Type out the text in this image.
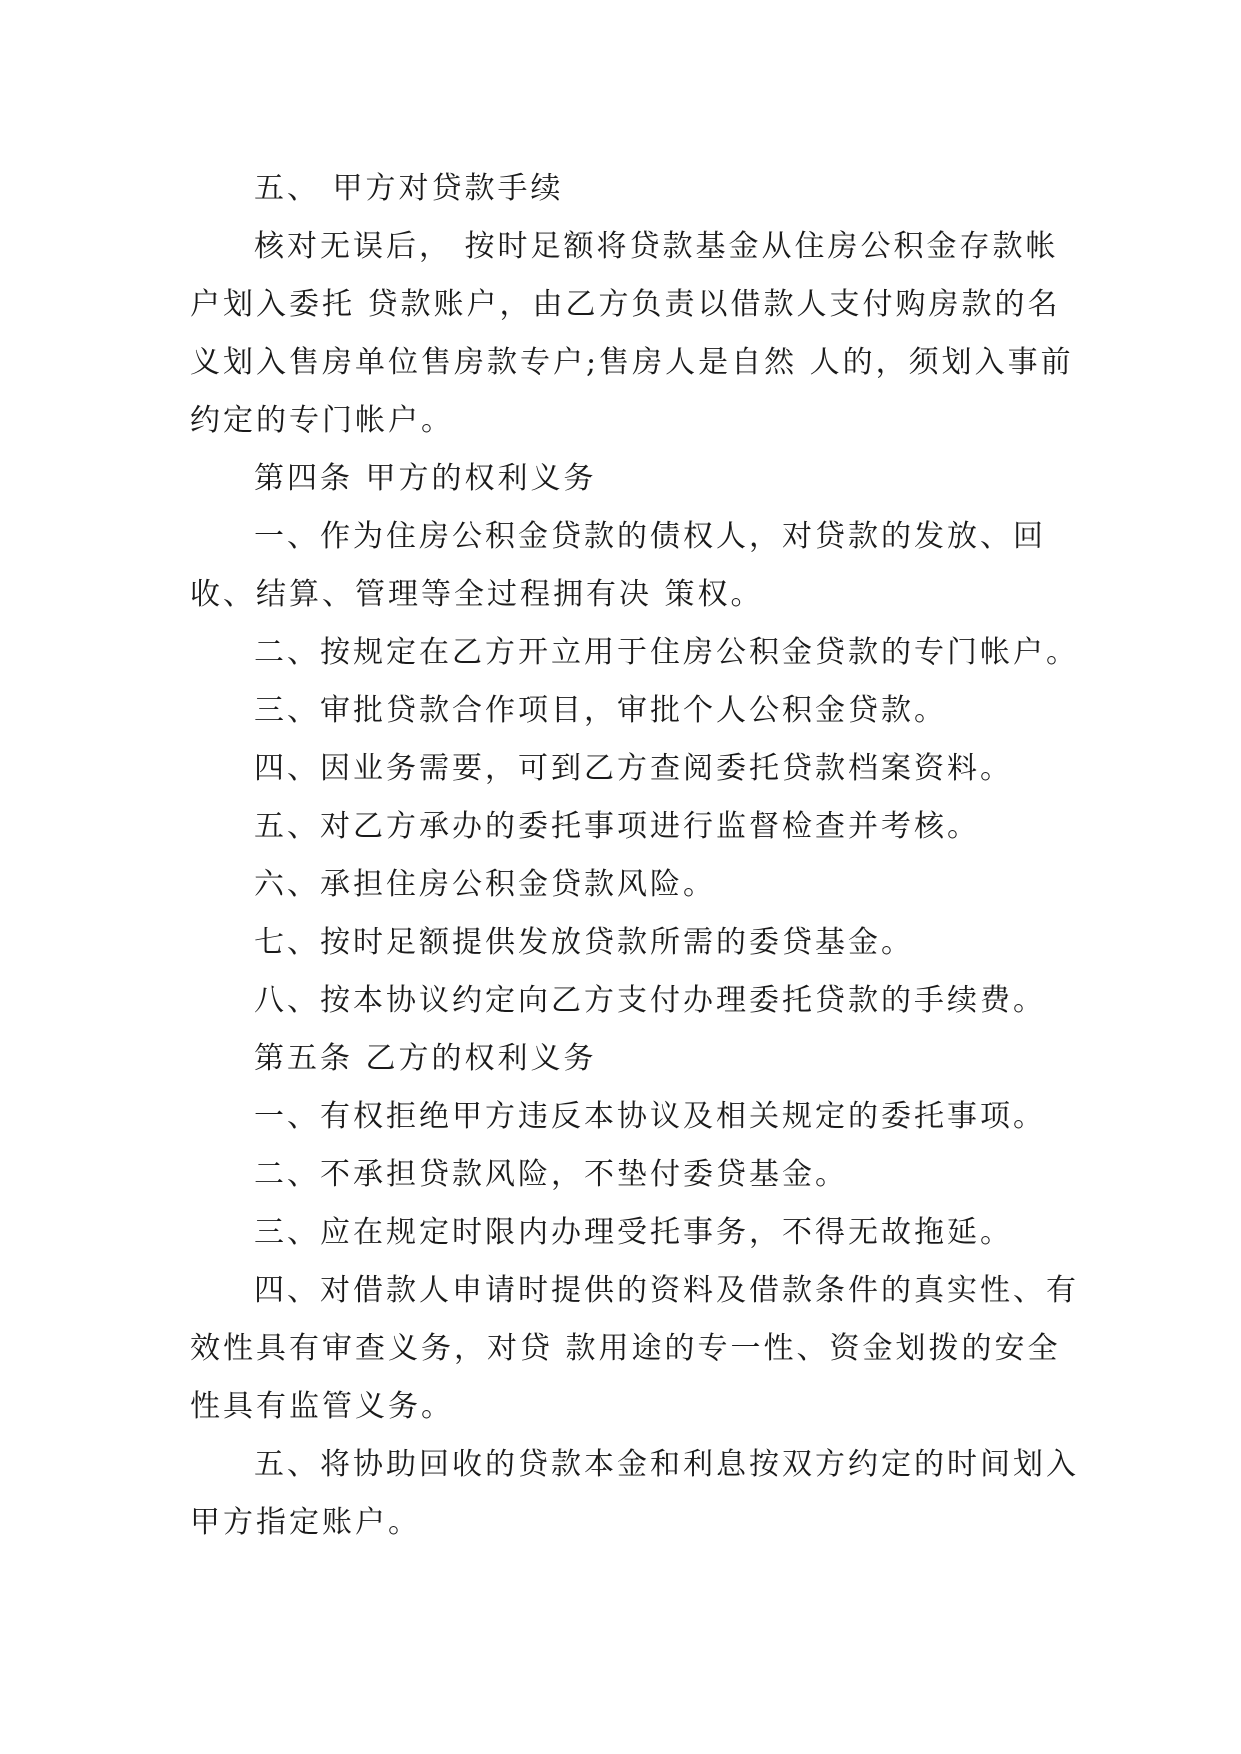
五、 甲方对贷款手续

核对无误后， 按时足额将贷款基金从住房公积金存款帐户划入委托 贷款账户，由乙方负责以借款人支付购房款的名义划入售房单位售房款专户;售房人是自然 人的，须划入事前约定的专门帐户。

第四条 甲方的权利义务

一、作为住房公积金贷款的债权人，对贷款的发放、回收、结算、管理等全过程拥有决 策权。

二、按规定在乙方开立用于住房公积金贷款的专门帐户。

三、审批贷款合作项目，审批个人公积金贷款。

四、因业务需要，可到乙方查阅委托贷款档案资料。

五、对乙方承办的委托事项进行监督检查并考核。

六、承担住房公积金贷款风险。

七、按时足额提供发放贷款所需的委贷基金。

八、按本协议约定向乙方支付办理委托贷款的手续费。

第五条 乙方的权利义务

一、有权拒绝甲方违反本协议及相关规定的委托事项。

二、不承担贷款风险，不垫付委贷基金。

三、应在规定时限内办理受托事务，不得无故拖延。

四、对借款人申请时提供的资料及借款条件的真实性、有效性具有审查义务，对贷 款用途的专一性、资金划拨的安全性具有监管义务。

五、将协助回收的贷款本金和利息按双方约定的时间划入甲方指定账户。
